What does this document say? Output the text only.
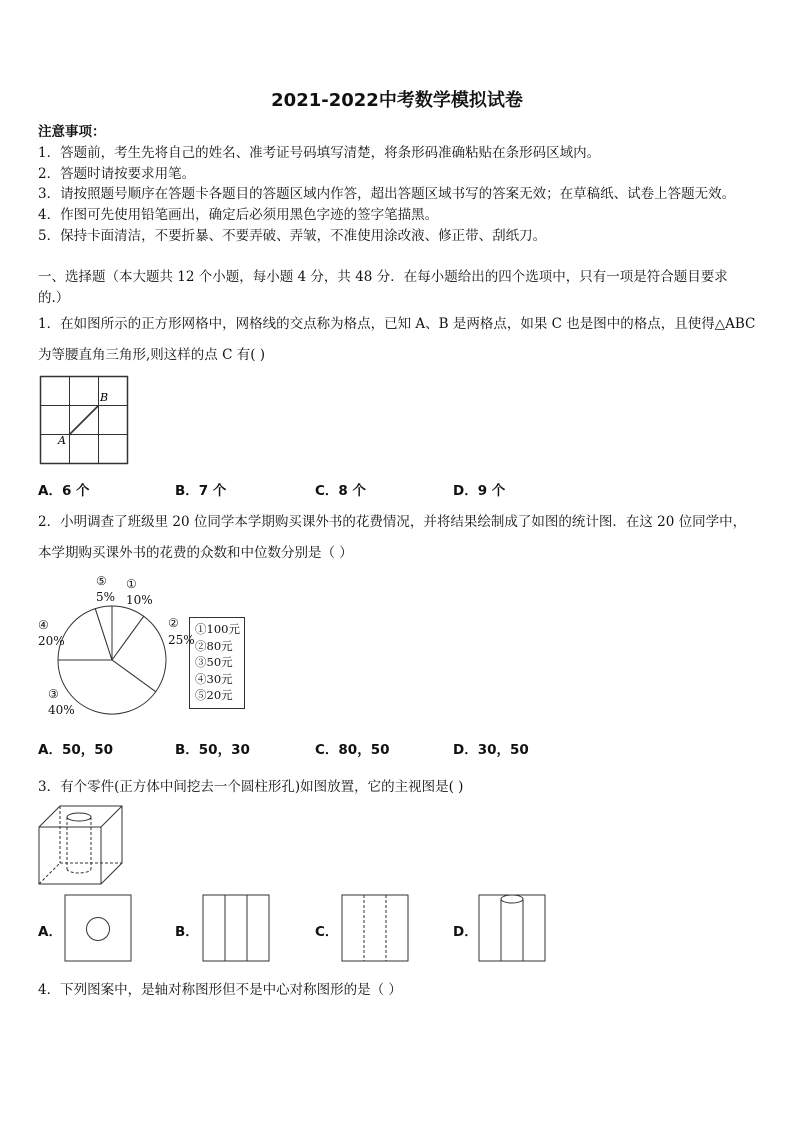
2021-2022中考数学模拟试卷
注意事项：
1．答题前，考生先将自己的姓名、准考证号码填写清楚，将条形码准确粘贴在条形码区域内。
2．答题时请按要求用笔。
3．请按照题号顺序在答题卡各题目的答题区域内作答，超出答题区域书写的答案无效；在草稿纸、试卷上答题无效。
4．作图可先使用铅笔画出，确定后必须用黑色字迹的签字笔描黑。
5．保持卡面清洁，不要折暴、不要弄破、弄皱，不准使用涂改液、修正带、刮纸刀。
一、选择题（本大题共 12 个小题，每小题 4 分，共 48 分．在每小题给出的四个选项中，只有一项是符合题目要求
的.）
1．在如图所示的正方形网格中，网格线的交点称为格点，已知 A、B 是两格点，如果 C 也是图中的格点，且使得△ABC
为等腰直角三角形,则这样的点 C 有( )
A
B
A．6 个	B．7 个	C．8 个	D．9 个
2．小明调查了班级里 20 位同学本学期购买课外书的花费情况，并将结果绘制成了如图的统计图．在这 20 位同学中，
本学期购买课外书的花费的众数和中位数分别是（ ）
⑤
5%
①
10%
②
25%
④
20%
③
40%
①100元
②80元
③50元
④30元
⑤20元
A．50，50	B．50，30	C．80，50	D．30，50
3．有个零件(正方体中间挖去一个圆柱形孔)如图放置，它的主视图是( )
A．	B．	C．	D．
4．下列图案中，是轴对称图形但不是中心对称图形的是（ ）
